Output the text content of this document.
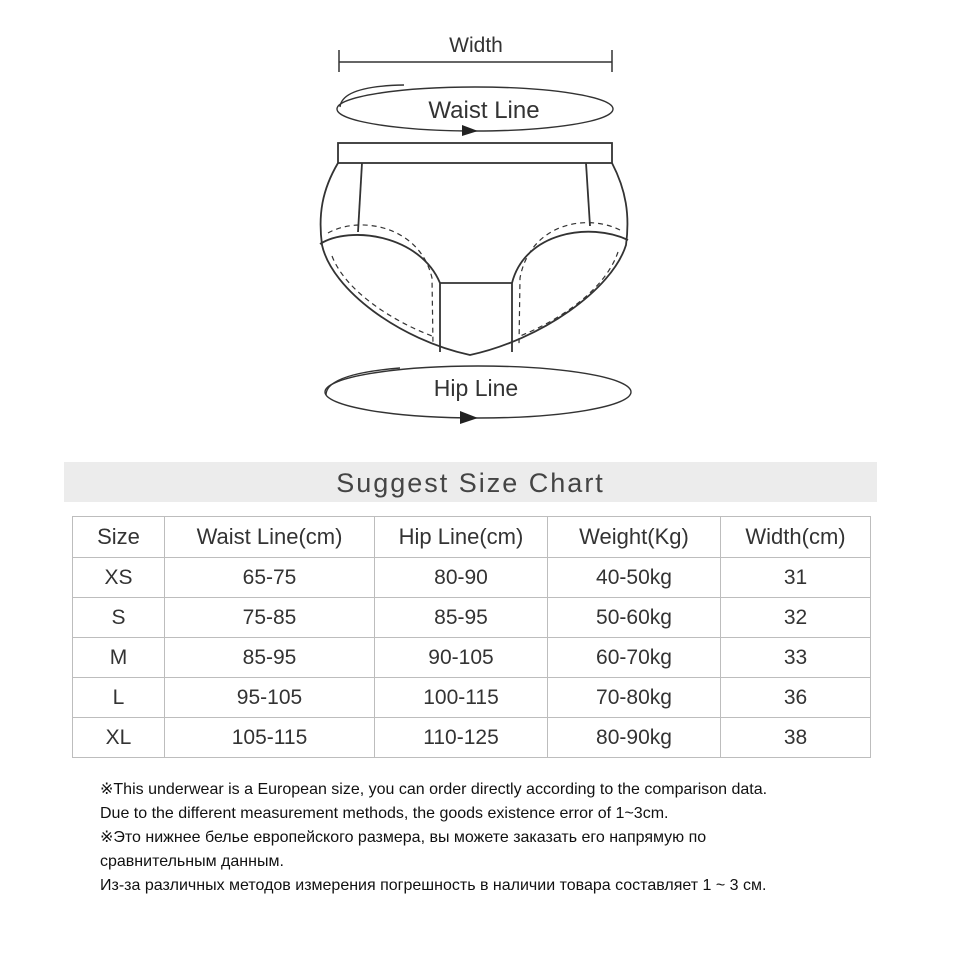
Width
Waist Line
Hip Line
Suggest Size Chart
Size	Waist Line(cm)	Hip Line(cm)	Weight(Kg)	Width(cm)
XS	65-75	80-90	40-50kg	31
S	75-85	85-95	50-60kg	32
M	85-95	90-105	60-70kg	33
L	95-105	100-115	70-80kg	36
XL	105-115	110-125	80-90kg	38

※This underwear is a European size, you can order directly according to the comparison data.

Due to the different measurement methods, the goods existence error of 1~3cm.

※Это нижнее белье европейского размера, вы можете заказать его напрямую по

сравнительным данным.

Из-за различных методов измерения погрешность в наличии товара составляет 1 ~ 3 см.
